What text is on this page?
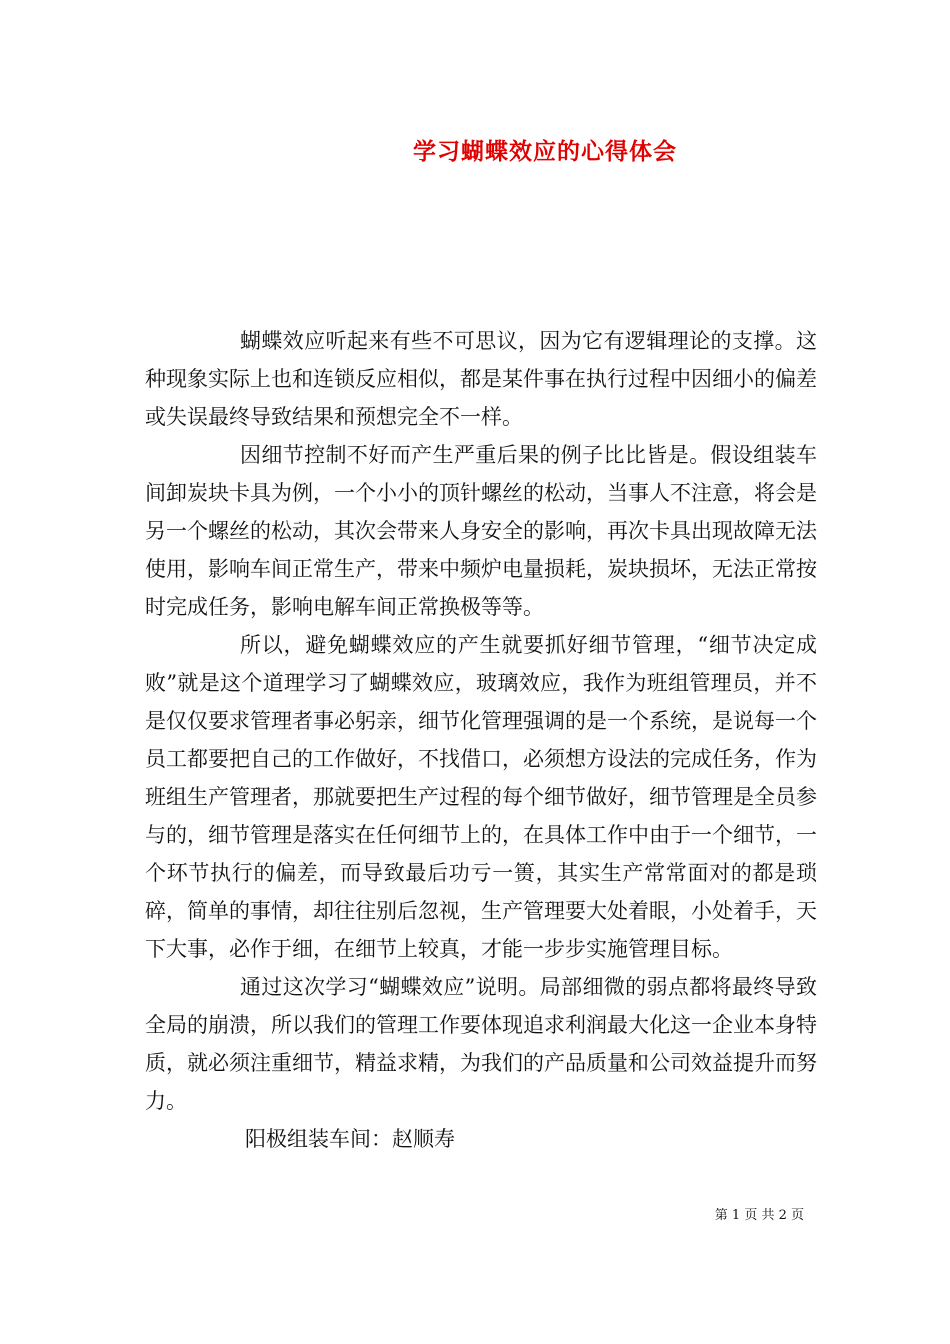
学习蝴蝶效应的心得体会

蝴蝶效应听起来有些不可思议，因为它有逻辑理论的支撑。这种现象实际上也和连锁反应相似，都是某件事在执行过程中因细小的偏差或失误最终导致结果和预想完全不一样。

因细节控制不好而产生严重后果的例子比比皆是。假设组装车间卸炭块卡具为例，一个小小的顶针螺丝的松动，当事人不注意，将会是另一个螺丝的松动，其次会带来人身安全的影响，再次卡具出现故障无法使用，影响车间正常生产，带来中频炉电量损耗，炭块损坏，无法正常按时完成任务，影响电解车间正常换极等等。

所以，避免蝴蝶效应的产生就要抓好细节管理，“细节决定成败”就是这个道理学习了蝴蝶效应，玻璃效应，我作为班组管理员，并不是仅仅要求管理者事必躬亲，细节化管理强调的是一个系统，是说每一个员工都要把自己的工作做好，不找借口，必须想方设法的完成任务，作为班组生产管理者，那就要把生产过程的每个细节做好，细节管理是全员参与的，细节管理是落实在任何细节上的，在具体工作中由于一个细节，一个环节执行的偏差，而导致最后功亏一篑，其实生产常常面对的都是琐碎，简单的事情，却往往别后忽视，生产管理要大处着眼，小处着手，天下大事，必作于细，在细节上较真，才能一步步实施管理目标。

通过这次学习“蝴蝶效应”说明。局部细微的弱点都将最终导致全局的崩溃，所以我们的管理工作要体现追求利润最大化这一企业本身特质，就必须注重细节，精益求精，为我们的产品质量和公司效益提升而努力。

阳极组装车间：赵顺寿
第 1 页 共 2 页
